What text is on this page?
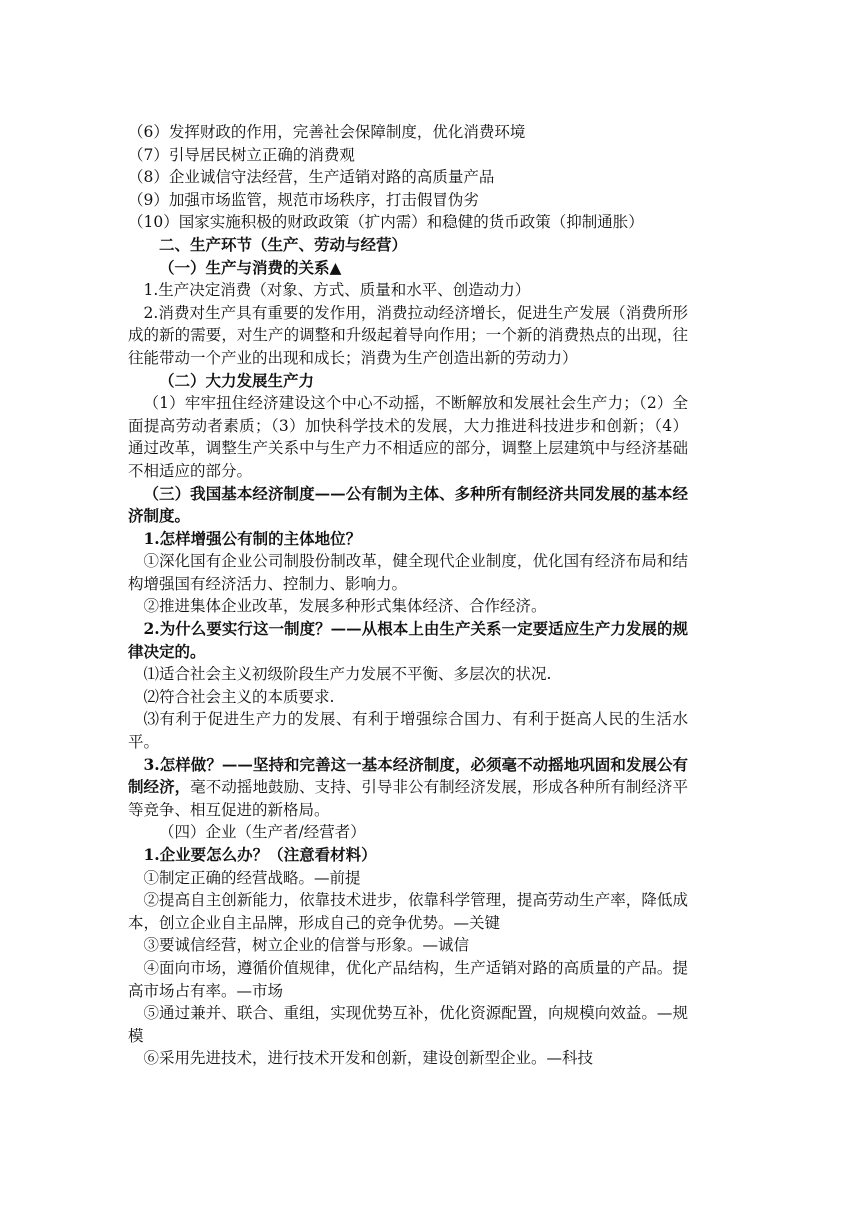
（6）发挥财政的作用，完善社会保障制度，优化消费环境

（7）引导居民树立正确的消费观

（8）企业诚信守法经营，生产适销对路的高质量产品

（9）加强市场监管，规范市场秩序，打击假冒伪劣

（10）国家实施积极的财政政策（扩内需）和稳健的货币政策（抑制通胀）

二、生产环节（生产、劳动与经营）

（一）生产与消费的关系▲

1.生产决定消费（对象、方式、质量和水平、创造动力）

2.消费对生产具有重要的发作用，消费拉动经济增长，促进生产发展（消费所形成的新的需要，对生产的调整和升级起着导向作用；一个新的消费热点的出现，往往能带动一个产业的出现和成长；消费为生产创造出新的劳动力）

（二）大力发展生产力

（1）牢牢扭住经济建设这个中心不动摇，不断解放和发展社会生产力；（2）全面提高劳动者素质；（3）加快科学技术的发展，大力推进科技进步和创新；（4）通过改革，调整生产关系中与生产力不相适应的部分，调整上层建筑中与经济基础不相适应的部分。

（三）我国基本经济制度——公有制为主体、多种所有制经济共同发展的基本经济制度。

1.怎样增强公有制的主体地位？

①深化国有企业公司制股份制改革，健全现代企业制度，优化国有经济布局和结构增强国有经济活力、控制力、影响力。

②推进集体企业改革，发展多种形式集体经济、合作经济。

2.为什么要实行这一制度？——从根本上由生产关系一定要适应生产力发展的规律决定的。

⑴适合社会主义初级阶段生产力发展不平衡、多层次的状况.

⑵符合社会主义的本质要求.

⑶有利于促进生产力的发展、有利于增强综合国力、有利于挺高人民的生活水平。

3.怎样做？——坚持和完善这一基本经济制度，必须毫不动摇地巩固和发展公有制经济，毫不动摇地鼓励、支持、引导非公有制经济发展，形成各种所有制经济平等竞争、相互促进的新格局。

（四）企业（生产者/经营者）

1.企业要怎么办？（注意看材料）

①制定正确的经营战略。—前提

②提高自主创新能力，依靠技术进步，依靠科学管理，提高劳动生产率，降低成本，创立企业自主品牌，形成自己的竞争优势。—关键

③要诚信经营，树立企业的信誉与形象。—诚信

④面向市场，遵循价值规律，优化产品结构，生产适销对路的高质量的产品。提高市场占有率。—市场

⑤通过兼并、联合、重组，实现优势互补，优化资源配置，向规模向效益。—规模

⑥采用先进技术，进行技术开发和创新，建设创新型企业。—科技
